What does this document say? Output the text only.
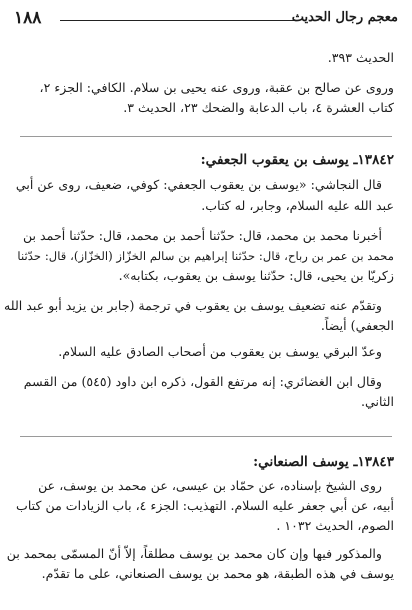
١٨٨	معجم رجال الحديث
الحديث ٣٩٣.
وروى عن صالح بن عقبة، وروى عنه يحيى بن سلام. الكافي: الجزء ٢،
كتاب العشرة ٤، باب الدعابة والضحك ٢٣، الحديث ٣.
١٣٨٤٢ـ يوسف بن يعقوب الجعفي:
قال النجاشي: «يوسف بن يعقوب الجعفي: كوفي، ضعيف، روى عن أبي
عبد الله عليه السلام، وجابر، له كتاب.
أخبرنا محمد بن محمد، قال: حدّثنا أحمد بن محمد، قال: حدّثنا أحمد بن
محمد بن عمر بن رباح، قال: حدّثنا إبراهيم بن سالم الخزّاز (الخزّاز)، قال: حدّثنا
زكريّا بن يحيى، قال: حدّثنا يوسف بن يعقوب، بكتابه».
وتقدّم عنه تضعيف يوسف بن يعقوب في ترجمة (جابر بن يزيد أبو عبد الله
الجعفي) أيضاً.
وعدّ البرقي يوسف بن يعقوب من أصحاب الصادق عليه السلام.
وقال ابن الغضائري: إنه مرتفع القول، ذكره ابن داود (٥٤٥) من القسم
الثاني.
١٣٨٤٣ـ يوسف الصنعاني:
روى الشيخ بإسناده، عن حمّاد بن عيسى، عن محمد بن يوسف، عن
أبيه، عن أبي جعفر عليه السلام. التهذيب: الجزء ٤، باب الزيادات من كتاب
الصوم، الحديث ١٠٣٢ .
والمذكور فيها وإن كان محمد بن يوسف مطلقاً، إلاّ أنّ المسمّى بمحمد بن
يوسف في هذه الطبقة، هو محمد بن يوسف الصنعاني، على ما تقدّم.
